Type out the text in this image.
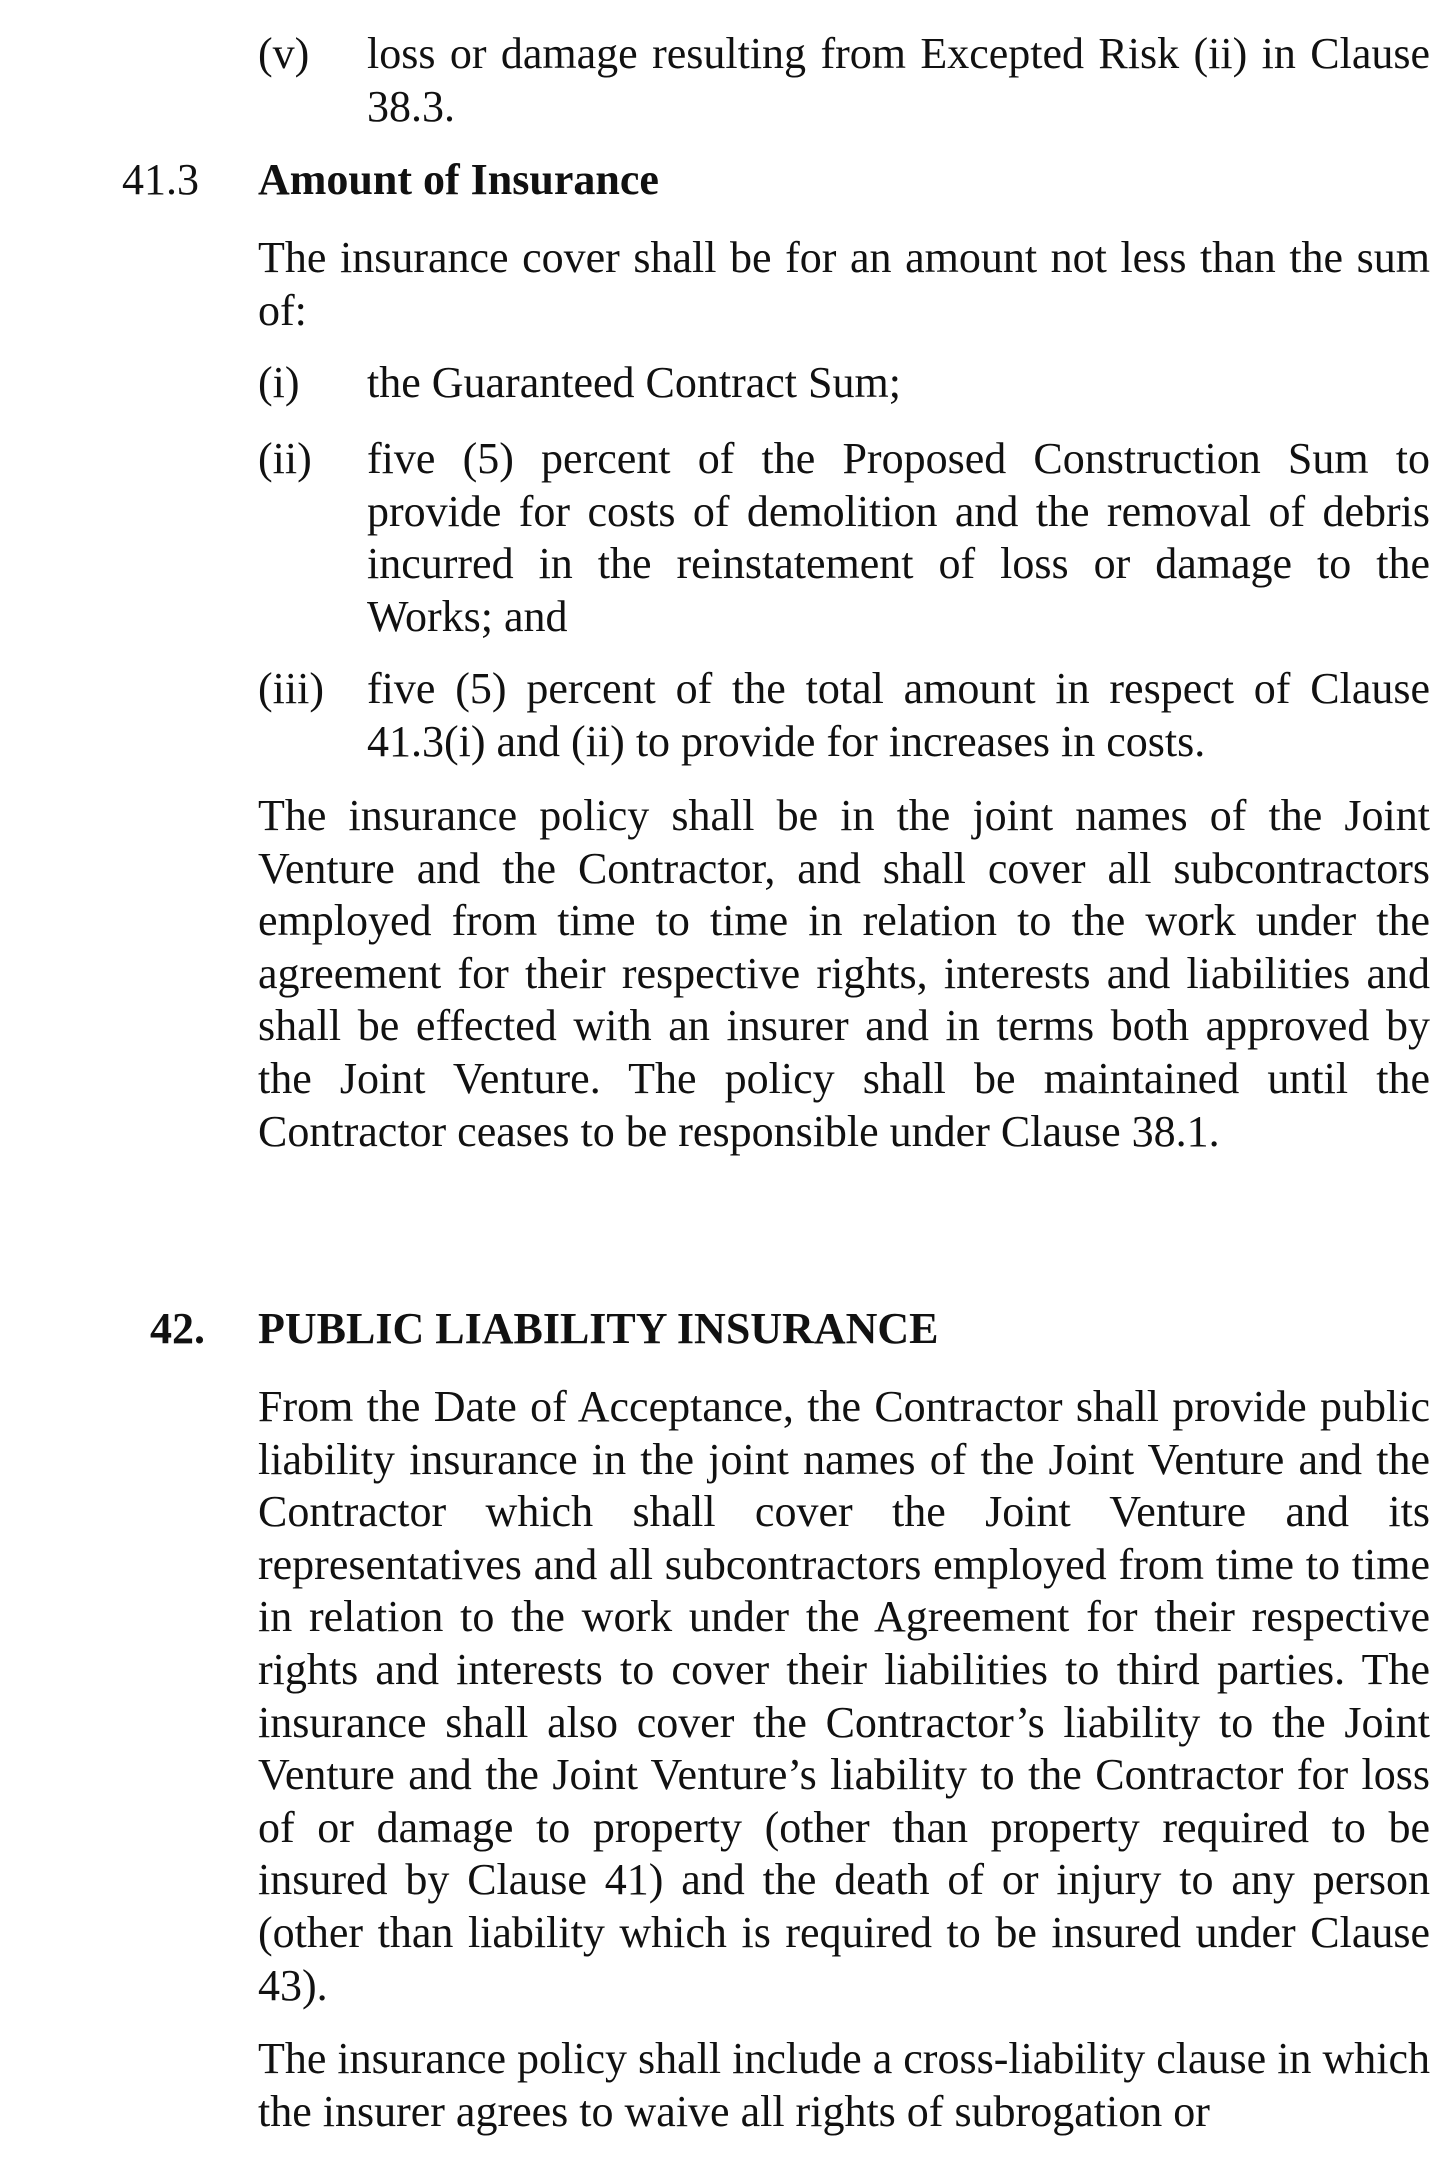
(v) loss or damage resulting from Excepted Risk (ii) in Clause 38.3.

41.3 Amount of Insurance

The insurance cover shall be for an amount not less than the sum of:

(i) the Guaranteed Contract Sum;

(ii) five (5) percent of the Proposed Construction Sum to provide for costs of demolition and the removal of debris incurred in the reinstatement of loss or damage to the Works; and

(iii) five (5) percent of the total amount in respect of Clause 41.3(i) and (ii) to provide for increases in costs.

The insurance policy shall be in the joint names of the Joint Venture and the Contractor, and shall cover all subcontractors employed from time to time in relation to the work under the agreement for their respective rights, interests and liabilities and shall be effected with an insurer and in terms both approved by the Joint Venture. The policy shall be maintained until the Contractor ceases to be responsible under Clause 38.1.

42. PUBLIC LIABILITY INSURANCE

From the Date of Acceptance, the Contractor shall provide public liability insurance in the joint names of the Joint Venture and the Contractor which shall cover the Joint Venture and its representatives and all subcontractors employed from time to time in relation to the work under the Agreement for their respective rights and interests to cover their liabilities to third parties. The insurance shall also cover the Contractor’s liability to the Joint Venture and the Joint Venture’s liability to the Contractor for loss of or damage to property (other than property required to be insured by Clause 41) and the death of or injury to any person (other than liability which is required to be insured under Clause 43).

The insurance policy shall include a cross-liability clause in which the insurer agrees to waive all rights of subrogation or
